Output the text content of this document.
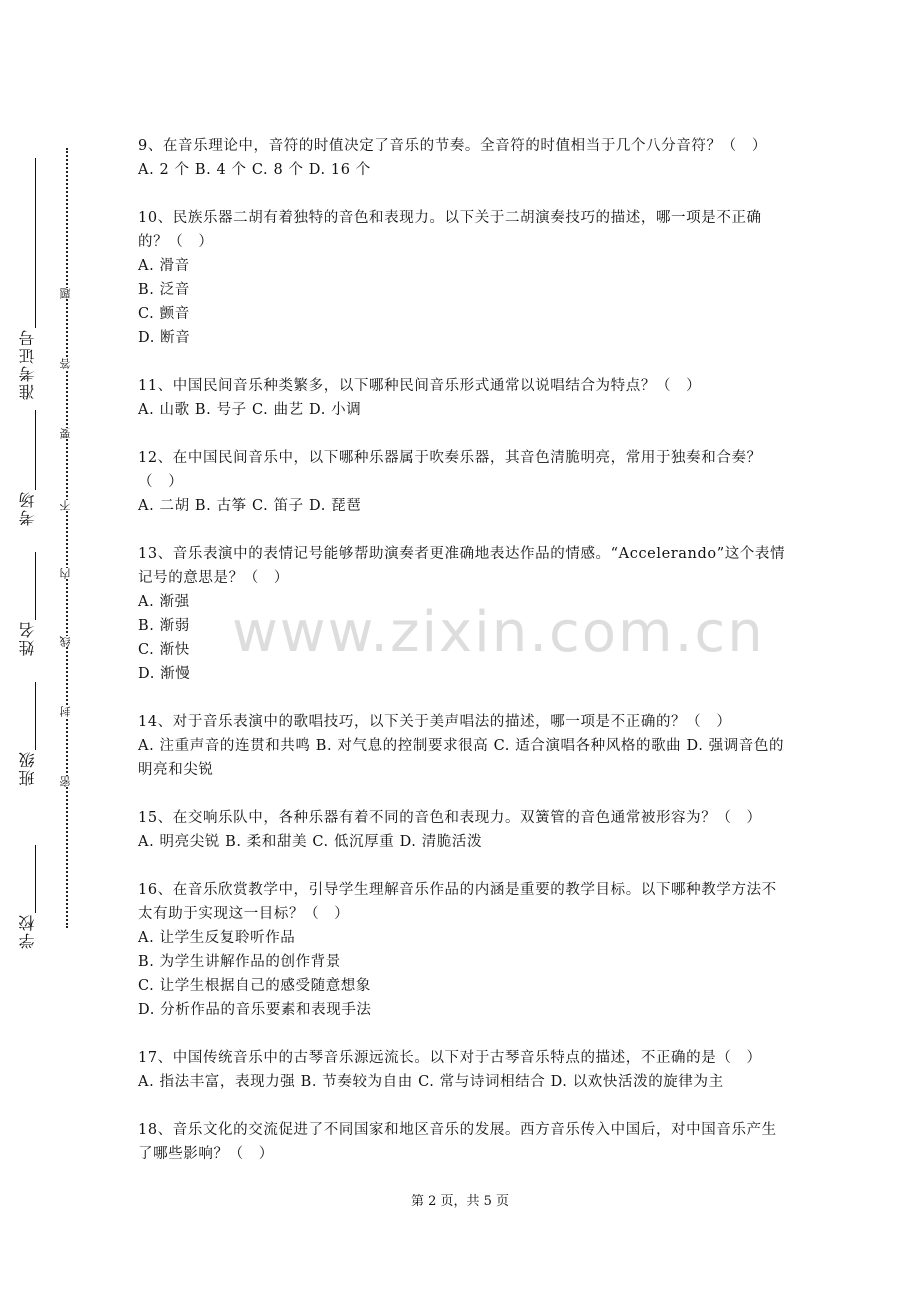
准考证号
考场
姓名
班级
学校
题
答
要
不
内
线
封
密

9、在音乐理论中，音符的时值决定了音乐的节奏。全音符的时值相当于几个八分音符？（　）

A. 2 个 B. 4 个 C. 8 个 D. 16 个

10、民族乐器二胡有着独特的音色和表现力。以下关于二胡演奏技巧的描述，哪一项是不正确的？（　）

A. 滑音
B. 泛音
C. 颤音
D. 断音

11、中国民间音乐种类繁多，以下哪种民间音乐形式通常以说唱结合为特点？（　）

A. 山歌 B. 号子 C. 曲艺 D. 小调

12、在中国民间音乐中，以下哪种乐器属于吹奏乐器，其音色清脆明亮，常用于独奏和合奏？（　）

A. 二胡 B. 古筝 C. 笛子 D. 琵琶

13、音乐表演中的表情记号能够帮助演奏者更准确地表达作品的情感。“Accelerando”这个表情记号的意思是？（　）

A. 渐强
B. 渐弱
C. 渐快
D. 渐慢

14、对于音乐表演中的歌唱技巧，以下关于美声唱法的描述，哪一项是不正确的？（　）

A. 注重声音的连贯和共鸣 B. 对气息的控制要求很高 C. 适合演唱各种风格的歌曲 D. 强调音色的明亮和尖锐

15、在交响乐队中，各种乐器有着不同的音色和表现力。双簧管的音色通常被形容为？（　）

A. 明亮尖锐 B. 柔和甜美 C. 低沉厚重 D. 清脆活泼

16、在音乐欣赏教学中，引导学生理解音乐作品的内涵是重要的教学目标。以下哪种教学方法不太有助于实现这一目标？（　）

A. 让学生反复聆听作品
B. 为学生讲解作品的创作背景
C. 让学生根据自己的感受随意想象
D. 分析作品的音乐要素和表现手法

17、中国传统音乐中的古琴音乐源远流长。以下对于古琴音乐特点的描述，不正确的是（　）

A. 指法丰富，表现力强 B. 节奏较为自由 C. 常与诗词相结合 D. 以欢快活泼的旋律为主

18、音乐文化的交流促进了不同国家和地区音乐的发展。西方音乐传入中国后，对中国音乐产生了哪些影响？（　）

www.zixin.com.cn
第 2 页，共 5 页
